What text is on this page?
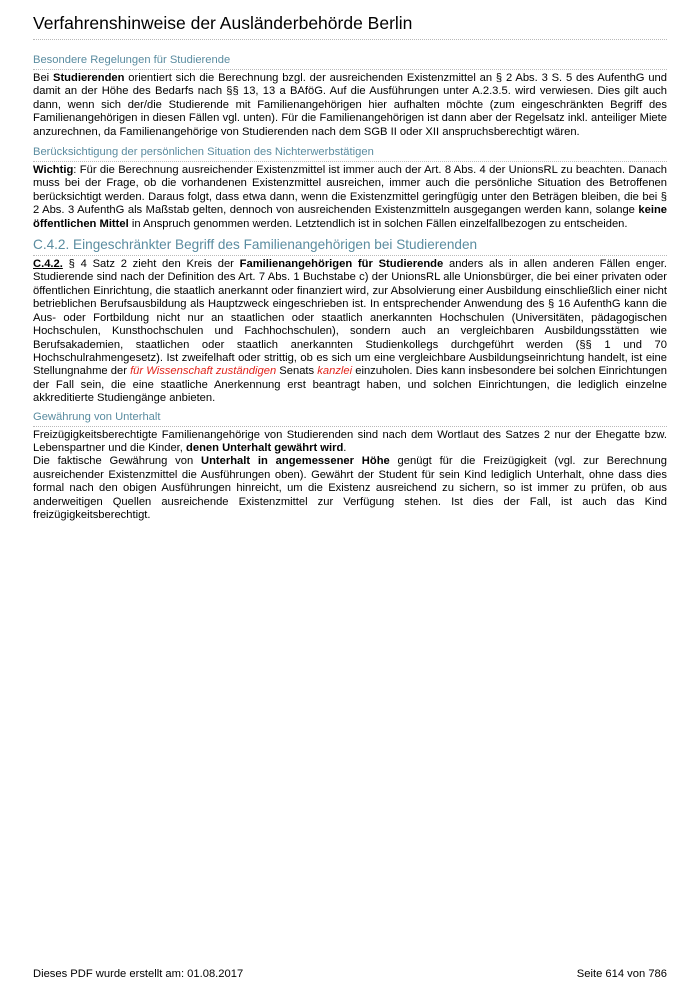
Verfahrenshinweise der Ausländerbehörde Berlin
Besondere Regelungen für Studierende

Bei Studierenden orientiert sich die Berechnung bzgl. der ausreichenden Existenzmittel an § 2 Abs. 3 S. 5 des AufenthG und damit an der Höhe des Bedarfs nach §§ 13, 13 a BAföG. Auf die Ausführungen unter A.2.3.5. wird verwiesen. Dies gilt auch dann, wenn sich der/die Studierende mit Familienangehörigen hier aufhalten möchte (zum eingeschränkten Begriff des Familienangehörigen in diesen Fällen vgl. unten). Für die Familienangehörigen ist dann aber der Regelsatz inkl. anteiliger Miete anzurechnen, da Familienangehörige von Studierenden nach dem SGB II oder XII anspruchsberechtigt wären.

Berücksichtigung der persönlichen Situation des Nichterwerbstätigen

Wichtig: Für die Berechnung ausreichender Existenzmittel ist immer auch der Art. 8 Abs. 4 der UnionsRL zu beachten. Danach muss bei der Frage, ob die vorhandenen Existenzmittel ausreichen, immer auch die persönliche Situation des Betroffenen berücksichtigt werden. Daraus folgt, dass etwa dann, wenn die Existenzmittel geringfügig unter den Beträgen bleiben, die bei § 2 Abs. 3 AufenthG als Maßstab gelten, dennoch von ausreichenden Existenzmitteln ausgegangen werden kann, solange keine öffentlichen Mittel in Anspruch genommen werden. Letztendlich ist in solchen Fällen einzelfallbezogen zu entscheiden.

C.4.2. Eingeschränkter Begriff des Familienangehörigen bei Studierenden

C.4.2. § 4 Satz 2 zieht den Kreis der Familienangehörigen für Studierende anders als in allen anderen Fällen enger. Studierende sind nach der Definition des Art. 7 Abs. 1 Buchstabe c) der UnionsRL alle Unionsbürger, die bei einer privaten oder öffentlichen Einrichtung, die staatlich anerkannt oder finanziert wird, zur Absolvierung einer Ausbildung einschließlich einer nicht betrieblichen Berufsausbildung als Hauptzweck eingeschrieben ist. In entsprechender Anwendung des § 16 AufenthG kann die Aus- oder Fortbildung nicht nur an staatlichen oder staatlich anerkannten Hochschulen (Universitäten, pädagogischen Hochschulen, Kunsthochschulen und Fachhochschulen), sondern auch an vergleichbaren Ausbildungsstätten wie Berufsakademien, staatlichen oder staatlich anerkannten Studienkollegs durchgeführt werden (§§ 1 und 70 Hochschulrahmengesetz). Ist zweifelhaft oder strittig, ob es sich um eine vergleichbare Ausbildungseinrichtung handelt, ist eine Stellungnahme der für Wissenschaft zuständigen Senats kanzlei einzuholen. Dies kann insbesondere bei solchen Einrichtungen der Fall sein, die eine staatliche Anerkennung erst beantragt haben, und solchen Einrichtungen, die lediglich einzelne akkreditierte Studiengänge anbieten.

Gewährung von Unterhalt

Freizügigkeitsberechtigte Familienangehörige von Studierenden sind nach dem Wortlaut des Satzes 2 nur der Ehegatte bzw. Lebenspartner und die Kinder, denen Unterhalt gewährt wird.

Die faktische Gewährung von Unterhalt in angemessener Höhe genügt für die Freizügigkeit (vgl. zur Berechnung ausreichender Existenzmittel die Ausführungen oben). Gewährt der Student für sein Kind lediglich Unterhalt, ohne dass dies formal nach den obigen Ausführungen hinreicht, um die Existenz ausreichend zu sichern, so ist immer zu prüfen, ob aus anderweitigen Quellen ausreichende Existenzmittel zur Verfügung stehen. Ist dies der Fall, ist auch das Kind freizügigkeitsberechtigt.

Dieses PDF wurde erstellt am: 01.08.2017	Seite 614 von 786
